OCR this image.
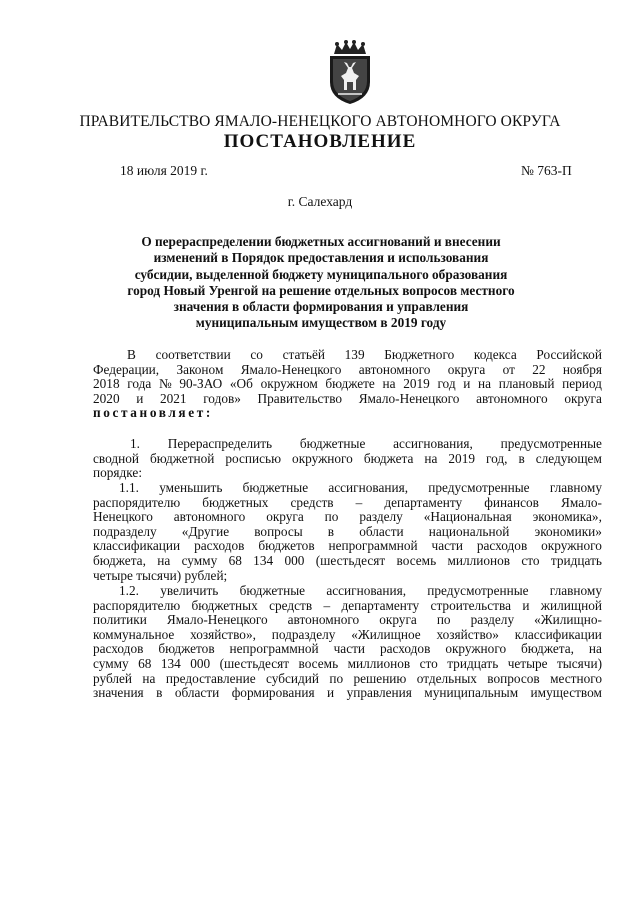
ПРАВИТЕЛЬСТВО ЯМАЛО-НЕНЕЦКОГО АВТОНОМНОГО ОКРУГА
ПОСТАНОВЛЕНИЕ
18 июля 2019 г.	№ 763-П
г. Салехард
О перераспределении бюджетных ассигнований и внесении
изменений в Порядок предоставления и использования
субсидии, выделенной бюджету муниципального образования
город Новый Уренгой на решение отдельных вопросов местного
значения в области формирования и управления
муниципальным имуществом в 2019 году
В соответствии со статьёй 139 Бюджетного кодекса Российской
Федерации, Законом Ямало-Ненецкого автономного округа от 22 ноября
2018 года № 90-ЗАО «Об окружном бюджете на 2019 год и на плановый период
2020 и 2021 годов» Правительство Ямало-Ненецкого автономного округа
постановляет:
1. Перераспределить бюджетные ассигнования, предусмотренные
сводной бюджетной росписью окружного бюджета на 2019 год, в следующем
порядке:
1.1. уменьшить бюджетные ассигнования, предусмотренные главному
распорядителю бюджетных средств – департаменту финансов Ямало-
Ненецкого автономного округа по разделу «Национальная экономика»,
подразделу «Другие вопросы в области национальной экономики»
классификации расходов бюджетов непрограммной части расходов окружного
бюджета, на сумму 68 134 000 (шестьдесят восемь миллионов сто тридцать
четыре тысячи) рублей;
1.2. увеличить бюджетные ассигнования, предусмотренные главному
распорядителю бюджетных средств – департаменту строительства и жилищной
политики Ямало-Ненецкого автономного округа по разделу «Жилищно-
коммунальное хозяйство», подразделу «Жилищное хозяйство» классификации
расходов бюджетов непрограммной части расходов окружного бюджета, на
сумму 68 134 000 (шестьдесят восемь миллионов сто тридцать четыре тысячи)
рублей на предоставление субсидий по решению отдельных вопросов местного
значения в области формирования и управления муниципальным имуществом
